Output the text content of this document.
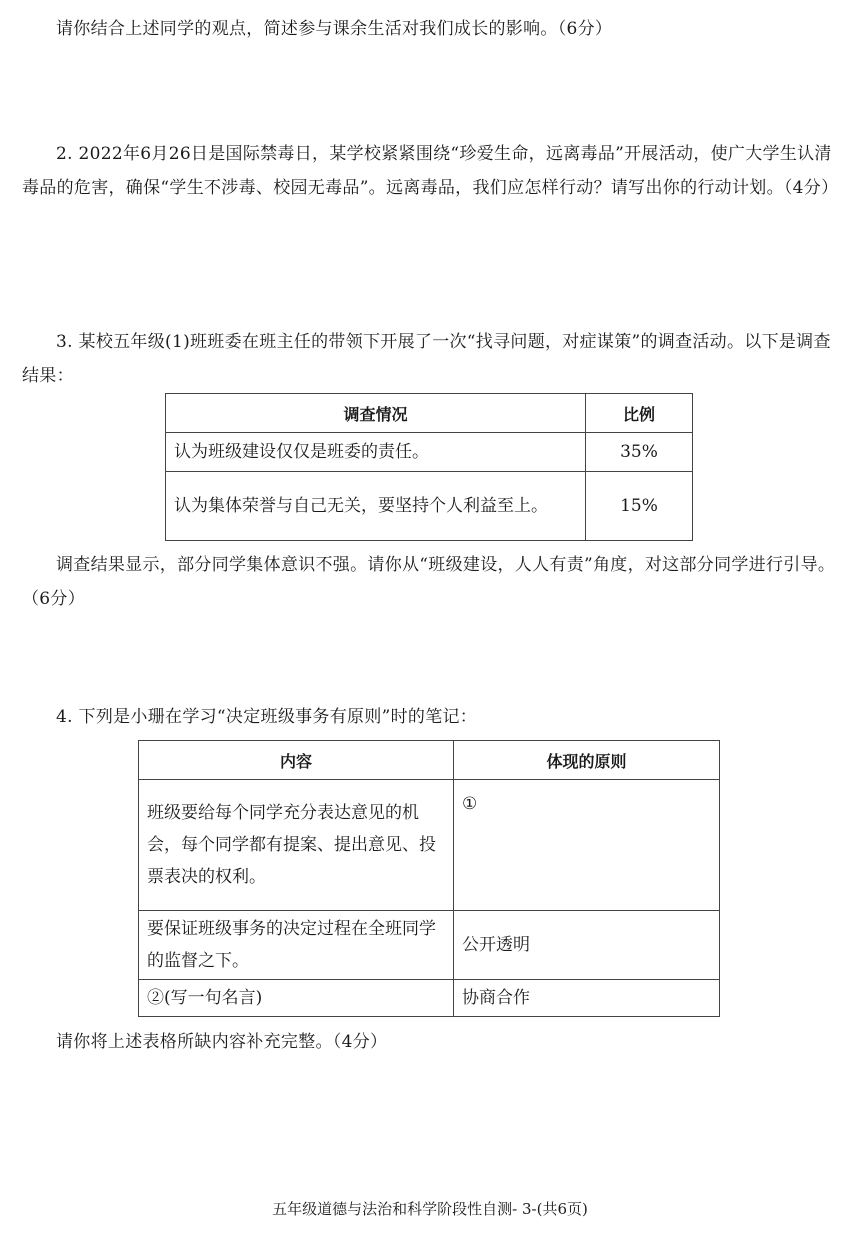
请你结合上述同学的观点，简述参与课余生活对我们成长的影响。（6分）

2. 2022年6月26日是国际禁毒日，某学校紧紧围绕“珍爱生命，远离毒品”开展活动，使广大学生认清毒品的危害，确保“学生不涉毒、校园无毒品”。远离毒品，我们应怎样行动？请写出你的行动计划。（4分）

3. 某校五年级(1)班班委在班主任的带领下开展了一次“找寻问题，对症谋策”的调查活动。以下是调查结果：

调查情况	比例
认为班级建设仅仅是班委的责任。	35%
认为集体荣誉与自己无关，要坚持个人利益至上。	15%

调查结果显示，部分同学集体意识不强。请你从“班级建设，人人有责”角度，对这部分同学进行引导。（6分）

4. 下列是小珊在学习“决定班级事务有原则”时的笔记：

内容	体现的原则
班级要给每个同学充分表达意见的机会，每个同学都有提案、提出意见、投票表决的权利。	①
要保证班级事务的决定过程在全班同学的监督之下。	公开透明
②(写一句名言)	协商合作

请你将上述表格所缺内容补充完整。（4分）

五年级道德与法治和科学阶段性自测- 3-(共6页)
